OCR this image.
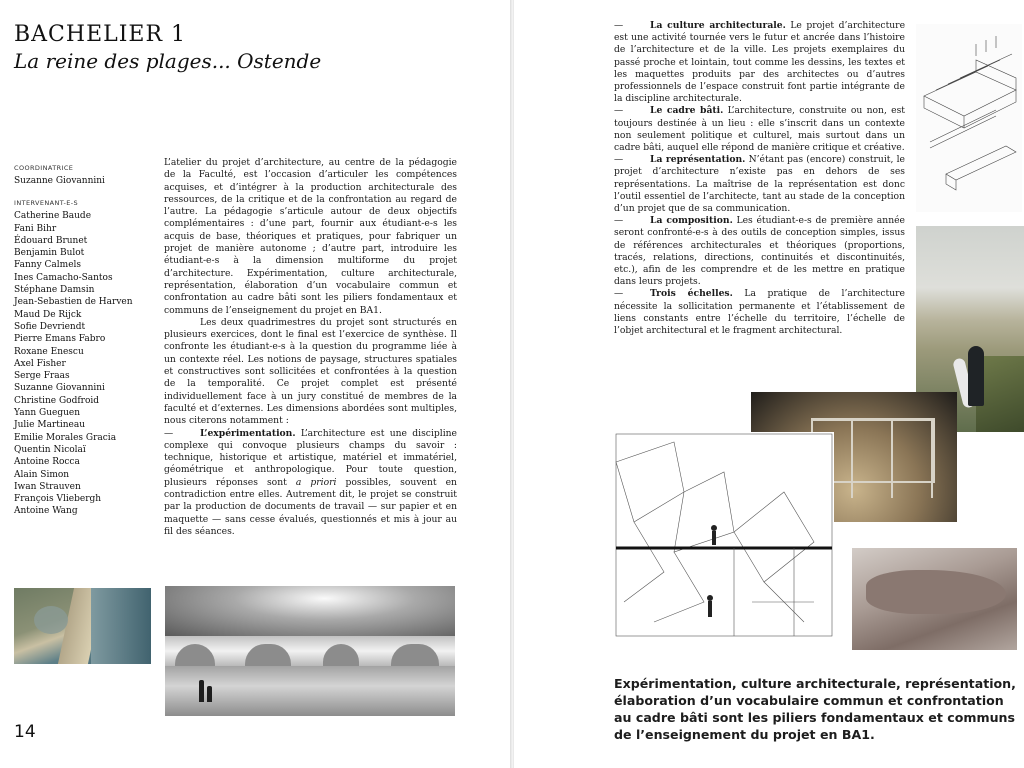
BACHELIER 1
La reine des plages... Ostende
COORDINATRICE
Suzanne Giovannini
INTERVENANT-E-S
Catherine Baude
Fani Bihr
Édouard Brunet
Benjamin Bulot
Fanny Calmels
Ines Camacho-Santos
Stéphane Damsin
Jean-Sebastien de Harven
Maud De Rijck
Sofie Devriendt
Pierre Emans Fabro
Roxane Enescu
Axel Fisher
Serge Fraas
Suzanne Giovannini
Christine Godfroid
Yann Gueguen
Julie Martineau
Emilie Morales Gracia
Quentin Nicolaï
Antoine Rocca
Alain Simon
Iwan Strauven
François Vliebergh
Antoine Wang

L’atelier du projet d’architecture, au centre de la pédagogie de la Faculté, est l’occasion d’articuler les compétences acquises, et d’intégrer à la production architecturale des ressources, de la critique et de la confrontation au regard de l’autre. La pédagogie s’articule autour de deux objectifs complémentaires : d’une part, fournir aux étudiant-e-s les acquis de base, théoriques et pratiques, pour fabriquer un projet de manière autonome ; d’autre part, introduire les étudiant-e-s à la dimension multiforme du projet d’architecture. Expérimentation, culture architecturale, représentation, élaboration d’un vocabulaire commun et confrontation au cadre bâti sont les piliers fondamentaux et communs de l’enseignement du projet en BA1.

Les deux quadrimestres du projet sont structurés en plusieurs exercices, dont le final est l’exercice de synthèse. Il confronte les étudiant-e-s à la question du programme liée à un contexte réel. Les notions de paysage, structures spatiales et constructives sont sollicitées et confrontées à la question de la temporalité. Ce projet complet est présenté individuellement face à un jury constitué de membres de la faculté et d’externes. Les dimensions abordées sont multiples, nous citerons notamment :

—	L’expérimentation. L’architecture est une discipline complexe qui convoque plusieurs champs du savoir : technique, historique et artistique, matériel et immatériel, géométrique et anthropologique. Pour toute question, plusieurs réponses sont a priori possibles, souvent en contradiction entre elles. Autrement dit, le projet se construit par la production de documents de travail — sur papier et en maquette — sans cesse évalués, questionnés et mis à jour au fil des séances.

14

—	La culture architecturale. Le projet d’architecture est une activité tournée vers le futur et ancrée dans l’histoire de l’architecture et de la ville. Les projets exemplaires du passé proche et lointain, tout comme les dessins, les textes et les maquettes produits par des architectes ou d’autres professionnels de l’espace construit font partie intégrante de la discipline architecturale.

—	Le cadre bâti. L’architecture, construite ou non, est toujours destinée à un lieu : elle s’inscrit dans un contexte non seulement politique et culturel, mais surtout dans un cadre bâti, auquel elle répond de manière critique et créative.

—	La représentation. N’étant pas (encore) construit, le projet d’architecture n’existe pas en dehors de ses représentations. La maîtrise de la représentation est donc l’outil essentiel de l’architecte, tant au stade de la conception d’un projet que de sa communication.

—	La composition. Les étudiant-e-s de première année seront confronté-e-s à des outils de conception simples, issus de références architecturales et théoriques (proportions, tracés, relations, directions, continuités et discontinuités, etc.), afin de les comprendre et de les mettre en pratique dans leurs projets.

—	Trois échelles. La pratique de l’architecture nécessite la sollicitation permanente et l’établissement de liens constants entre l’échelle du territoire, l’échelle de l’objet architectural et le fragment architectural.

Expérimentation, culture architecturale, représentation, élaboration d’un vocabulaire commun et confrontation au cadre bâti sont les piliers fondamentaux et communs de l’enseignement du projet en BA1.
